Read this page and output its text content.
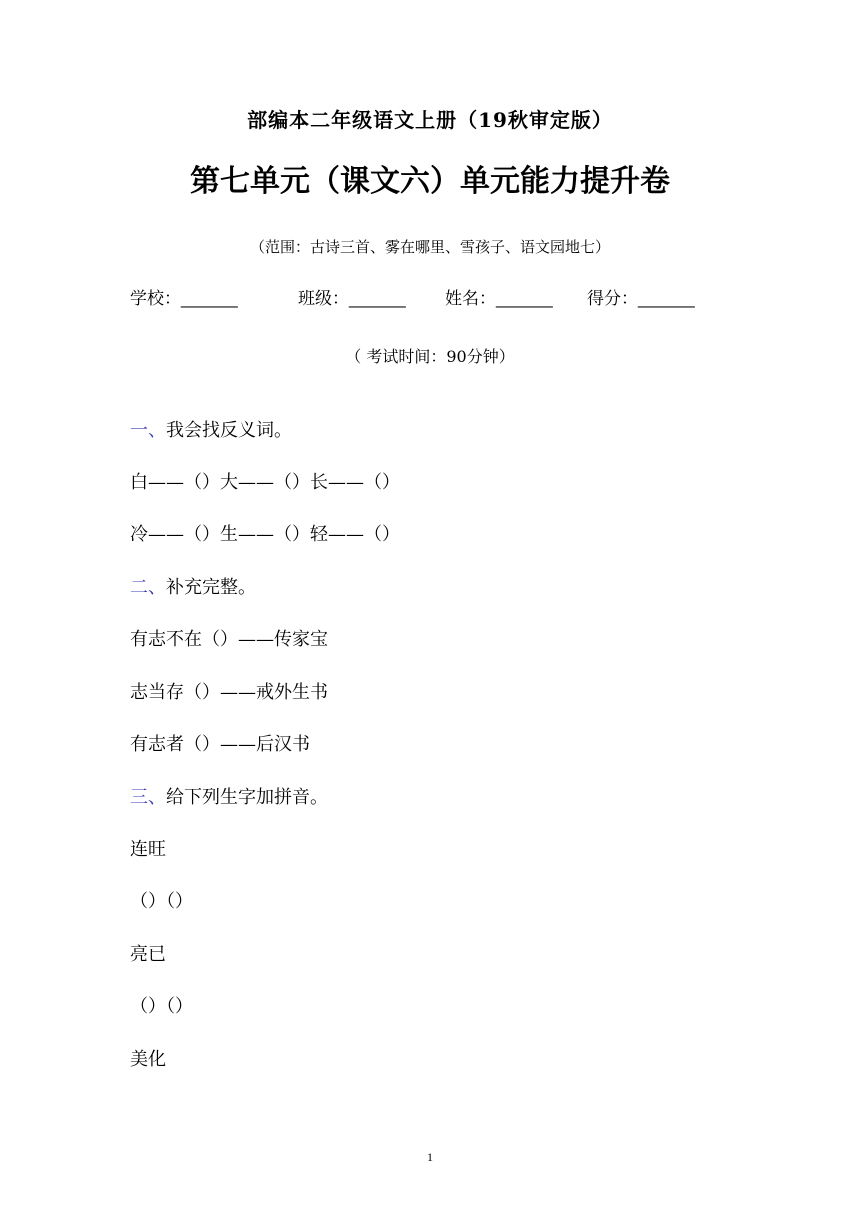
部编本二年级语文上册（19秋审定版）
第七单元（课文六）单元能力提升卷
（范围：古诗三首、雾在哪里、雪孩子、语文园地七）
学校：______	班级：______ 姓名：______ 得分：______
（ 考试时间：90分钟）
一、我会找反义词。
白——（）大——（）长——（）
冷——（）生——（）轻——（）
二、补充完整。
有志不在（）——传家宝
志当存（）——戒外生书
有志者（）——后汉书
三、给下列生字加拼音。
连旺
（）（）
亮已
（）（）
美化
1
